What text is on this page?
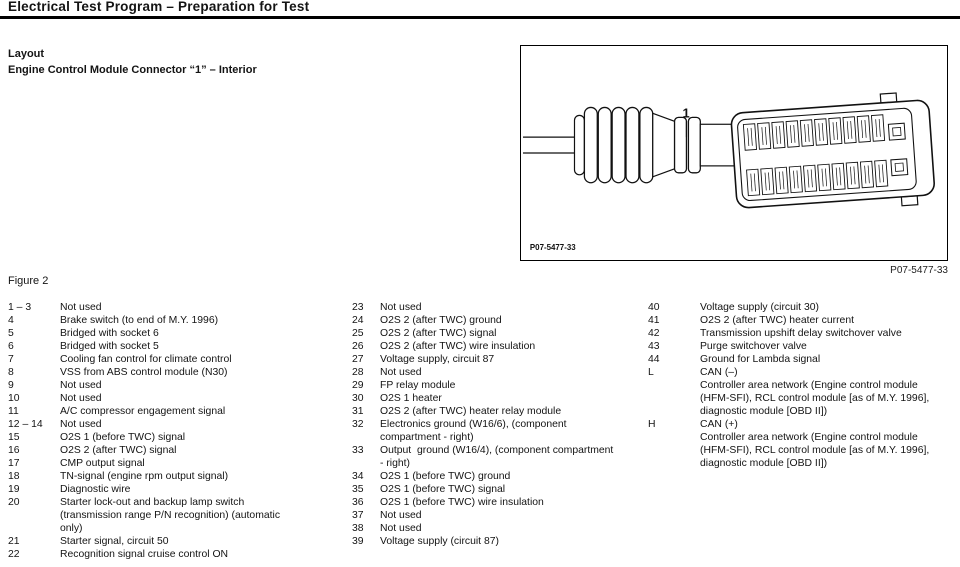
Electrical Test Program – Preparation for Test
Layout
Engine Control Module Connector “1” – Interior
1
P07-5477-33
P07-5477-33
Figure 2
1 – 3	Not used
4	Brake switch (to end of M.Y. 1996)
5	Bridged with socket 6
6	Bridged with socket 5
7	Cooling fan control for climate control
8	VSS from ABS control module (N30)
9	Not used
10	Not used
11	A/C compressor engagement signal
12 – 14	Not used
15	O2S 1 (before TWC) signal
16	O2S 2 (after TWC) signal
17	CMP output signal
18	TN-signal (engine rpm output signal)
19	Diagnostic wire
20	Starter lock-out and backup lamp switch
(transmission range P/N recognition) (automatic
only)
21	Starter signal, circuit 50
22	Recognition signal cruise control ON
23	Not used
24	O2S 2 (after TWC) ground
25	O2S 2 (after TWC) signal
26	O2S 2 (after TWC) wire insulation
27	Voltage supply, circuit 87
28	Not used
29	FP relay module
30	O2S 1 heater
31	O2S 2 (after TWC) heater relay module
32	Electronics ground (W16/6), (component
compartment - right)
33	Output  ground (W16/4), (component compartment
- right)
34	O2S 1 (before TWC) ground
35	O2S 1 (before TWC) signal
36	O2S 1 (before TWC) wire insulation
37	Not used
38	Not used
39	Voltage supply (circuit 87)
40	Voltage supply (circuit 30)
41	O2S 2 (after TWC) heater current
42	Transmission upshift delay switchover valve
43	Purge switchover valve
44	Ground for Lambda signal
L	CAN (–)
Controller area network (Engine control module
(HFM-SFI), RCL control module [as of M.Y. 1996],
diagnostic module [OBD II])
H	CAN (+)
Controller area network (Engine control module
(HFM-SFI), RCL control module [as of M.Y. 1996],
diagnostic module [OBD II])
